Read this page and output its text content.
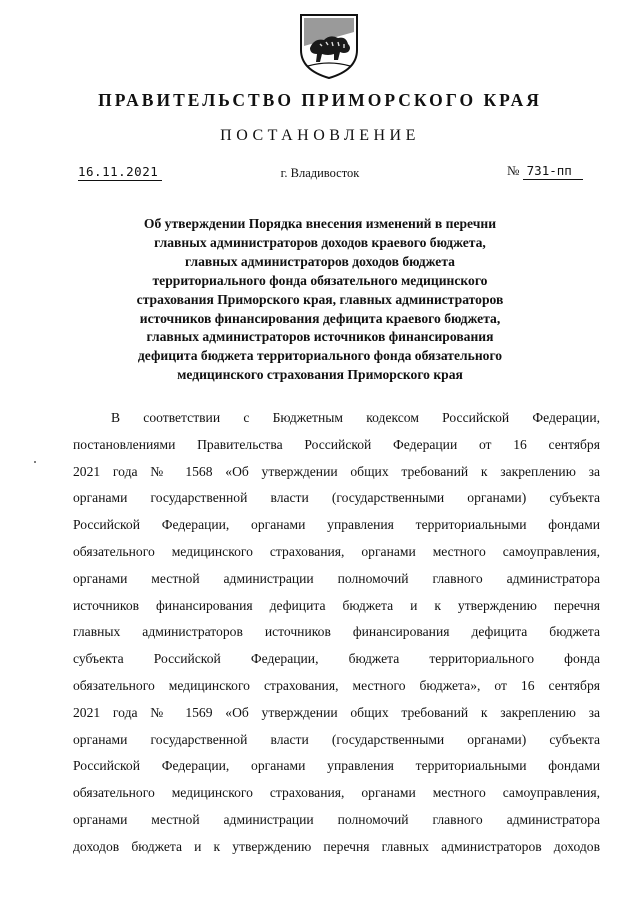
ПРАВИТЕЛЬСТВО ПРИМОРСКОГО КРАЯ
ПОСТАНОВЛЕНИЕ
16.11.2021	г. Владивосток	№ 731-пп
Об утверждении Порядка внесения изменений в перечни
главных администраторов доходов краевого бюджета,
главных администраторов доходов бюджета
территориального фонда обязательного медицинского
страхования Приморского края, главных администраторов
источников финансирования дефицита краевого бюджета,
главных администраторов источников финансирования
дефицита бюджета территориального фонда обязательного
медицинского страхования Приморского края
В соответствии с Бюджетным кодексом Российской Федерации,
постановлениями Правительства Российской Федерации от 16 сентября
2021 года № 1568 «Об утверждении общих требований к закреплению за
органами государственной власти (государственными органами) субъекта
Российской Федерации, органами управления территориальными фондами
обязательного медицинского страхования, органами местного самоуправления,
органами местной администрации полномочий главного администратора
источников финансирования дефицита бюджета и к утверждению перечня
главных администраторов источников финансирования дефицита бюджета
субъекта Российской Федерации, бюджета территориального фонда
обязательного медицинского страхования, местного бюджета», от 16 сентября
2021 года № 1569 «Об утверждении общих требований к закреплению за
органами государственной власти (государственными органами) субъекта
Российской Федерации, органами управления территориальными фондами
обязательного медицинского страхования, органами местного самоуправления,
органами местной администрации полномочий главного администратора
доходов бюджета и к утверждению перечня главных администраторов доходов
